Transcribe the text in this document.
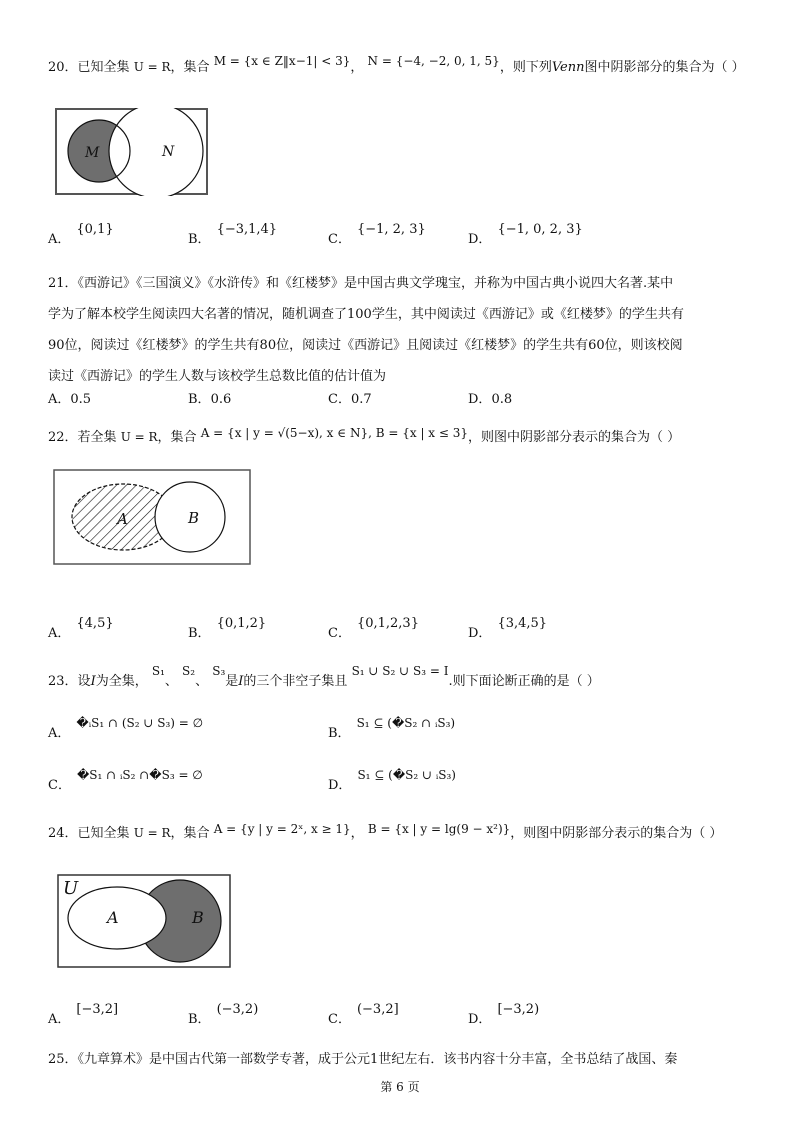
20．已知全集 U = R，集合 M = {x ∈ Z‖x−1| < 3}， N = {−4, −2, 0, 1, 5}，则下列Venn图中阴影部分的集合为（ ）
M	N
A．{0,1}
B．{−3,1,4}
C．{−1, 2, 3}
D．{−1, 0, 2, 3}
21．《西游记》《三国演义》《水浒传》和《红楼梦》是中国古典文学瑰宝，并称为中国古典小说四大名著.某中
学为了解本校学生阅读四大名著的情况，随机调查了100学生，其中阅读过《西游记》或《红楼梦》的学生共有
90位，阅读过《红楼梦》的学生共有80位，阅读过《西游记》且阅读过《红楼梦》的学生共有60位，则该校阅
读过《西游记》的学生人数与该校学生总数比值的估计值为
A．0.5	B．0.6	C．0.7	D．0.8
22．若全集 U = R，集合 A = {x | y = √(5−x), x ∈ N}, B = {x | x ≤ 3}，则图中阴影部分表示的集合为（ ）
A	B
A．{4,5}
B．{0,1,2}
C．{0,1,2,3}
D．{3,4,5}
23．设I为全集， S₁、 S₂、 S₃是I的三个非空子集且 S₁ ∪ S₂ ∪ S₃ = I.则下面论断正确的是（ ）
A．�ᵢS₁ ∩ (S₂ ∪ S₃) = ∅
B．S₁ ⊆ (�S₂ ∩ ᵢS₃)
C．�S₁ ∩ ᵢS₂ ∩�S₃ = ∅
D．S₁ ⊆ (�S₂ ∪ ᵢS₃)
24．已知全集 U = R，集合 A = {y | y = 2ˣ, x ≥ 1}， B = {x | y = lg(9 − x²)}，则图中阴影部分表示的集合为（ ）
U
A	B
A．[−3,2]
B．(−3,2)
C．(−3,2]
D．[−3,2)
25．《九章算术》是中国古代第一部数学专著，成于公元1世纪左右．该书内容十分丰富，全书总结了战国、秦
第 6 页
